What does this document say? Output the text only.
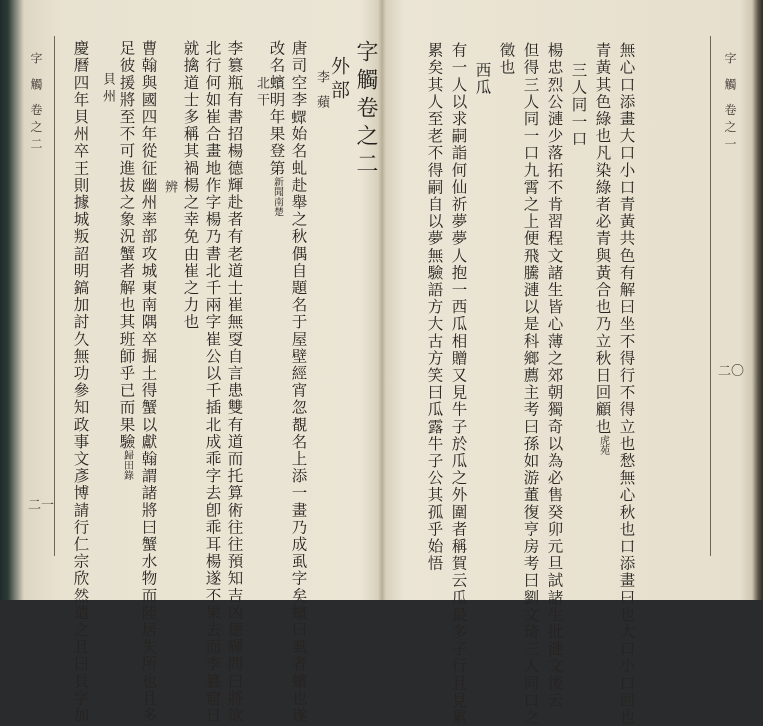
字 觸 卷之二 慶曆四年貝州卒王則據城叛詔明鎬加討久無功參知政事文彥博請行仁宗欣然遣之且曰貝字加 貝州 足彼援將至不可進拔之象況蟹者解也其班師乎已而果驗歸田錄 曹翰與國四年從征幽州率部攻城東南隅卒掘土得蟹以獻翰謂諸將曰蟹水物而陸居失所也且多 辨 就擒道士多稱其禍楊之幸免由崔之力也 北行何如崔合畫地作字楊乃書北千兩字崔公以千插北成乖字去卽乖耳楊遂不果去而李篡窟日 李篡瓶有書招楊德輝赴者有老道士崔無㪅自言患雙有道而托算術往往預知吉凶德輝問曰將欲 北干
改名蠙明年果登第新聞南楚 唐司空李𧑄始名虬赴舉之秋偶自題名于屋壁經宵忽覩名上添一畫乃成虱字矣蠙曰虱者蠙也遂 李 蘋 外部 字觸卷之二
二一	累矣其人至老不得嗣自以夢無驗語方大古方笑曰瓜露牛子公其孤乎始悟 有一人以求嗣詣何仙祈夢夢人抱一西瓜相贈又見牛子於瓜之外圍者稱賀云瓜最多子行且見累 西瓜
徵也 但得三人同一口九霄之上便飛騰漣以是科鄉薦主考曰孫如游董復亨房考曰劉文琦三人同口之 楊忠烈公漣少落拓不肯習程文諸生皆心薄之郊朝獨奇以為必售癸卯元旦試諸生批漣文後云 三人同一口 青黃其色綠也凡染綠者必青與黃合也乃立秋日回顧也虎苑 無心口添畫大口小口青黃共色有解曰坐不得行不得立也愁無心秋也口添畫曰也大口小口回也	字 觸 卷之一
二〇
